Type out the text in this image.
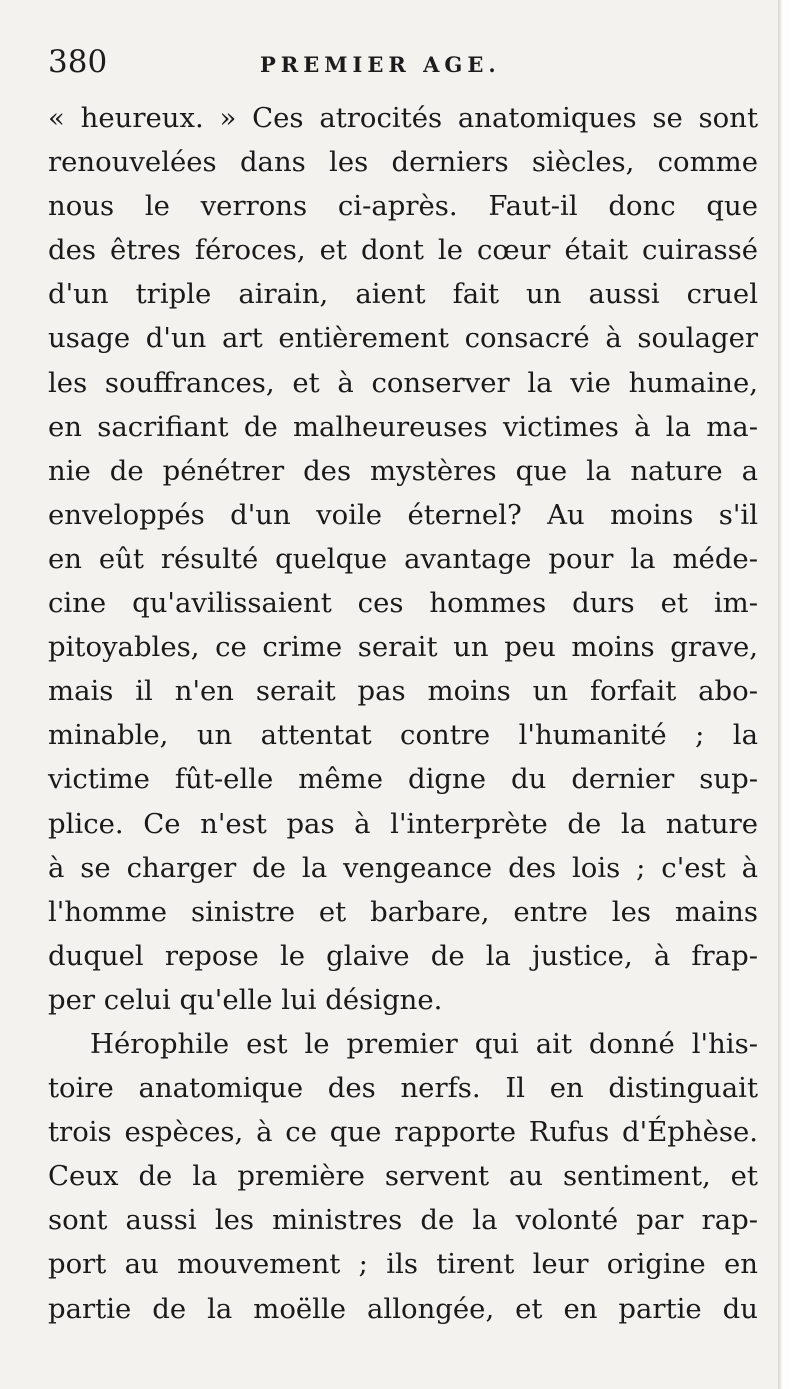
380	PREMIER AGE.
« heureux. » Ces atrocités anatomiques se sont
renouvelées dans les derniers siècles, comme
nous le verrons ci-après. Faut-il donc que
des êtres féroces, et dont le cœur était cuirassé
d'un triple airain, aient fait un aussi cruel
usage d'un art entièrement consacré à soulager
les souffrances, et à conserver la vie humaine,
en sacrifiant de malheureuses victimes à la ma-
nie de pénétrer des mystères que la nature a
enveloppés d'un voile éternel? Au moins s'il
en eût résulté quelque avantage pour la méde-
cine qu'avilissaient ces hommes durs et im-
pitoyables, ce crime serait un peu moins grave,
mais il n'en serait pas moins un forfait abo-
minable, un attentat contre l'humanité ; la
victime fût-elle même digne du dernier sup-
plice. Ce n'est pas à l'interprète de la nature
à se charger de la vengeance des lois ; c'est à
l'homme sinistre et barbare, entre les mains
duquel repose le glaive de la justice, à frap-
per celui qu'elle lui désigne.
Hérophile est le premier qui ait donné l'his-
toire anatomique des nerfs. Il en distinguait
trois espèces, à ce que rapporte Rufus d'Éphèse.
Ceux de la première servent au sentiment, et
sont aussi les ministres de la volonté par rap-
port au mouvement ; ils tirent leur origine en
partie de la moëlle allongée, et en partie du
